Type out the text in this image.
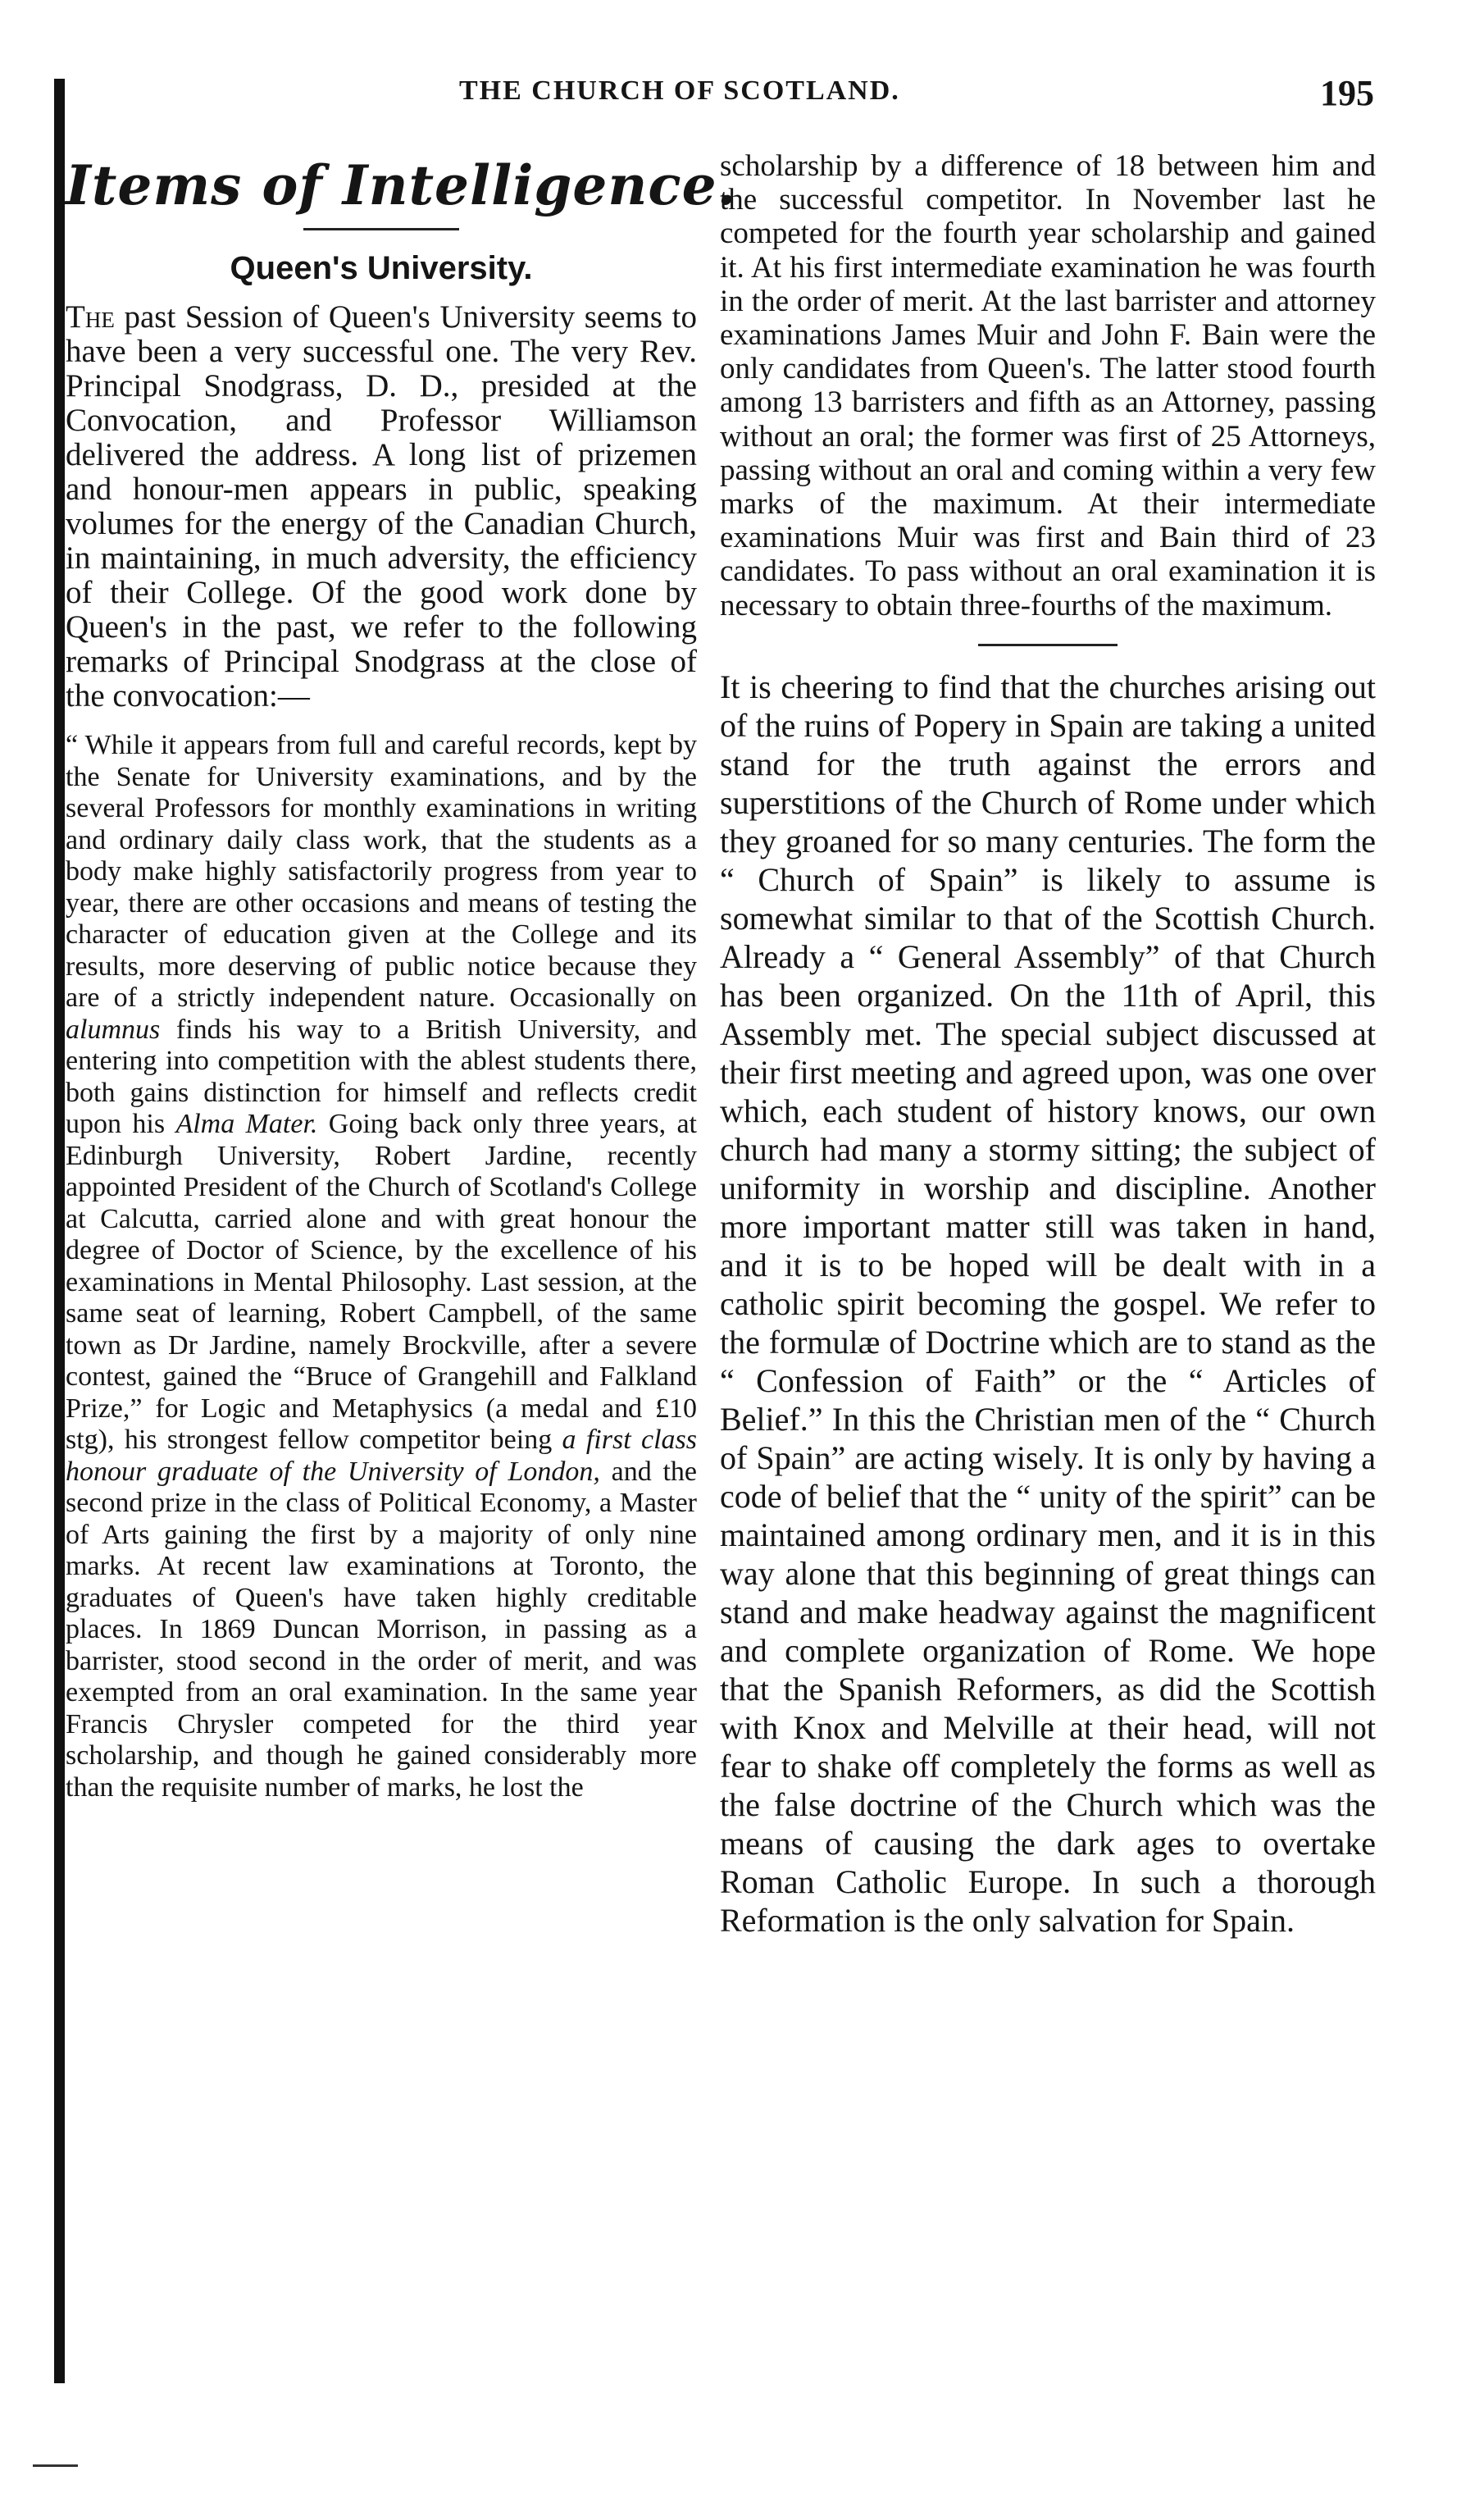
THE CHURCH OF SCOTLAND.	195
Items of Intelligence.
Queen's University.

The past Session of Queen's University seems to have been a very successful one. The very Rev. Principal Snodgrass, D. D., presided at the Convocation, and Professor Williamson delivered the address. A long list of prizemen and honour-men appears in public, speaking volumes for the energy of the Canadian Church, in maintaining, in much adversity, the efficiency of their College. Of the good work done by Queen's in the past, we refer to the following remarks of Principal Snodgrass at the close of the convocation:—

“ While it appears from full and careful records, kept by the Senate for University examinations, and by the several Professors for monthly examinations in writing and ordinary daily class work, that the students as a body make highly satisfactorily progress from year to year, there are other occasions and means of testing the character of education given at the College and its results, more deserving of public notice because they are of a strictly independent nature. Occasionally on alumnus finds his way to a British University, and entering into competition with the ablest students there, both gains distinction for himself and reflects credit upon his Alma Mater. Going back only three years, at Edinburgh University, Robert Jardine, recently appointed President of the Church of Scotland's College at Calcutta, carried alone and with great honour the degree of Doctor of Science, by the excellence of his examinations in Mental Philosophy. Last session, at the same seat of learning, Robert Campbell, of the same town as Dr Jardine, namely Brockville, after a severe contest, gained the “Bruce of Grangehill and Falkland Prize,” for Logic and Metaphysics (a medal and £10 stg), his strongest fellow competitor being a first class honour graduate of the University of London, and the second prize in the class of Political Economy, a Master of Arts gaining the first by a majority of only nine marks. At recent law examinations at Toronto, the graduates of Queen's have taken highly creditable places. In 1869 Duncan Morrison, in passing as a barrister, stood second in the order of merit, and was exempted from an oral examination. In the same year Francis Chrysler competed for the third year scholarship, and though he gained considerably more than the requisite number of marks, he lost the

scholarship by a difference of 18 between him and the successful competitor. In November last he competed for the fourth year scholarship and gained it. At his first intermediate examination he was fourth in the order of merit. At the last barrister and attorney examinations James Muir and John F. Bain were the only candidates from Queen's. The latter stood fourth among 13 barristers and fifth as an Attorney, passing without an oral; the former was first of 25 Attorneys, passing without an oral and coming within a very few marks of the maximum. At their intermediate examinations Muir was first and Bain third of 23 candidates. To pass without an oral examination it is necessary to obtain three-fourths of the maximum.

It is cheering to find that the churches arising out of the ruins of Popery in Spain are taking a united stand for the truth against the errors and superstitions of the Church of Rome under which they groaned for so many centuries. The form the “ Church of Spain” is likely to assume is somewhat similar to that of the Scottish Church. Already a “ General Assembly” of that Church has been organized. On the 11th of April, this Assembly met. The special subject discussed at their first meeting and agreed upon, was one over which, each student of history knows, our own church had many a stormy sitting; the subject of uniformity in worship and discipline. Another more important matter still was taken in hand, and it is to be hoped will be dealt with in a catholic spirit becoming the gospel. We refer to the formulæ of Doctrine which are to stand as the “ Confession of Faith” or the “ Articles of Belief.” In this the Christian men of the “ Church of Spain” are acting wisely. It is only by having a code of belief that the “ unity of the spirit” can be maintained among ordinary men, and it is in this way alone that this beginning of great things can stand and make headway against the magnificent and complete organization of Rome. We hope that the Spanish Reformers, as did the Scottish with Knox and Melville at their head, will not fear to shake off completely the forms as well as the false doctrine of the Church which was the means of causing the dark ages to overtake Roman Catholic Europe. In such a thorough Reformation is the only salvation for Spain.
